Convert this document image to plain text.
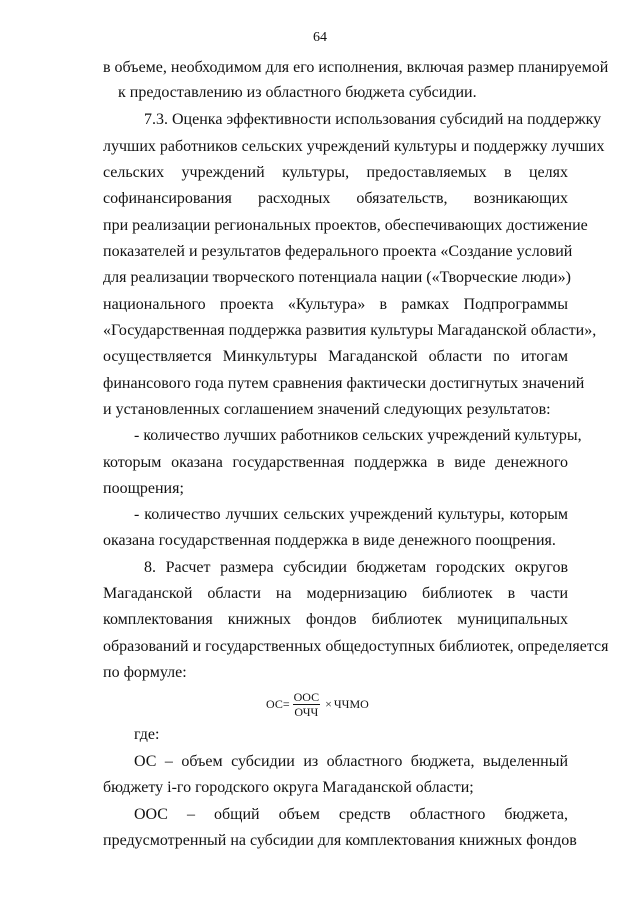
64
в объеме, необходимом для его исполнения, включая размер планируемой
к предоставлению из областного бюджета субсидии.
7.3. Оценка эффективности использования субсидий на поддержку
лучших работников сельских учреждений культуры и поддержку лучших
сельских учреждений культуры, предоставляемых в целях
софинансирования расходных обязательств, возникающих
при реализации региональных проектов, обеспечивающих достижение
показателей и результатов федерального проекта «Создание условий
для реализации творческого потенциала нации («Творческие люди»)
национального проекта «Культура» в рамках Подпрограммы
«Государственная поддержка развития культуры Магаданской области»,
осуществляется Минкультуры Магаданской области по итогам
финансового года путем сравнения фактически достигнутых значений
и установленных соглашением значений следующих результатов:
- количество лучших работников сельских учреждений культуры,
которым оказана государственная поддержка в виде денежного
поощрения;
- количество лучших сельских учреждений культуры, которым
оказана государственная поддержка в виде денежного поощрения.
8. Расчет размера субсидии бюджетам городских округов
Магаданской области на модернизацию библиотек в части
комплектования книжных фондов библиотек муниципальных
образований и государственных общедоступных библиотек, определяется
по формуле:
ОС = $\frac{\text{ООС}}{\text{ОЧЧ}}$ × ЧЧМО
где:
ОС – объем субсидии из областного бюджета, выделенный
бюджету i-го городского округа Магаданской области;
ООС – общий объем средств областного бюджета,
предусмотренный на субсидии для комплектования книжных фондов
